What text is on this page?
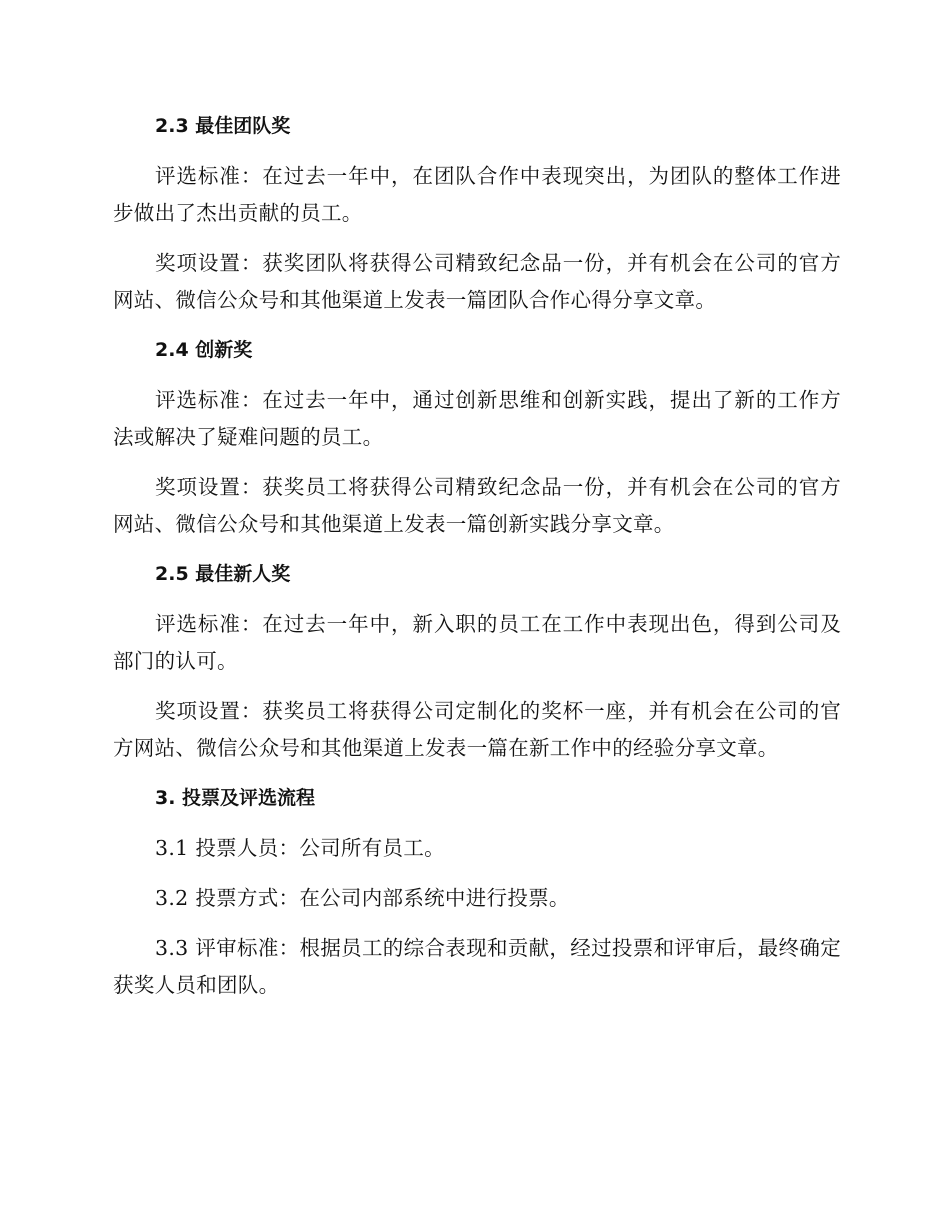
2.3 最佳团队奖

评选标准：在过去一年中，在团队合作中表现突出，为团队的整体工作进步做出了杰出贡献的员工。

奖项设置：获奖团队将获得公司精致纪念品一份，并有机会在公司的官方网站、微信公众号和其他渠道上发表一篇团队合作心得分享文章。

2.4 创新奖

评选标准：在过去一年中，通过创新思维和创新实践，提出了新的工作方法或解决了疑难问题的员工。

奖项设置：获奖员工将获得公司精致纪念品一份，并有机会在公司的官方网站、微信公众号和其他渠道上发表一篇创新实践分享文章。

2.5 最佳新人奖

评选标准：在过去一年中，新入职的员工在工作中表现出色，得到公司及部门的认可。

奖项设置：获奖员工将获得公司定制化的奖杯一座，并有机会在公司的官方网站、微信公众号和其他渠道上发表一篇在新工作中的经验分享文章。

3. 投票及评选流程

3.1 投票人员：公司所有员工。

3.2 投票方式：在公司内部系统中进行投票。

3.3 评审标准：根据员工的综合表现和贡献，经过投票和评审后，最终确定获奖人员和团队。
